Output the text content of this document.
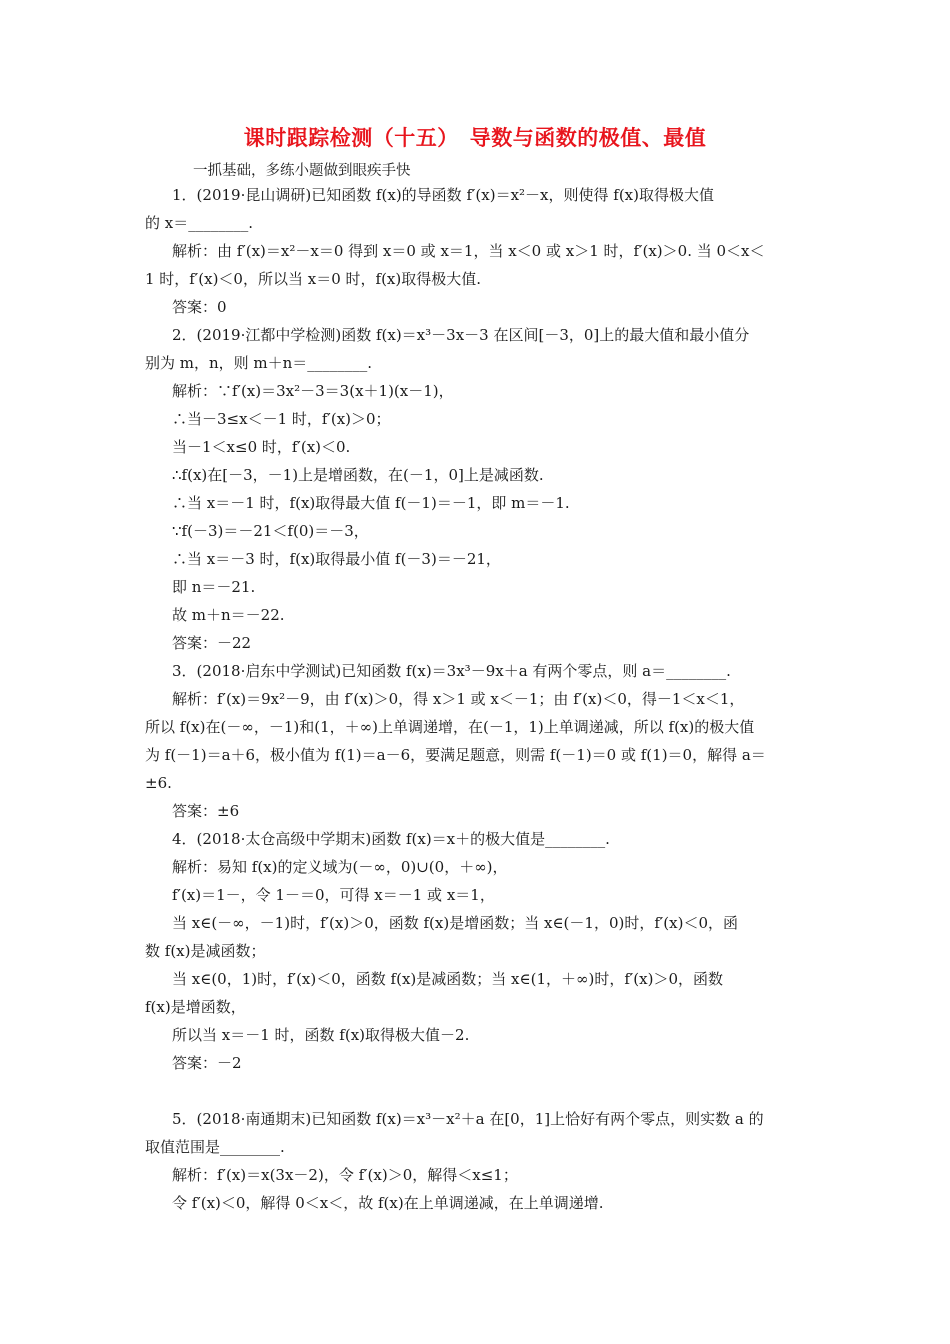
课时跟踪检测（十五）　导数与函数的极值、最值
一抓基础，多练小题做到眼疾手快
1．(2019·昆山调研)已知函数 f(x)的导函数 f′(x)＝x²－x，则使得 f(x)取得极大值
的 x＝________.
解析：由 f′(x)＝x²－x＝0 得到 x＝0 或 x＝1，当 x＜0 或 x＞1 时，f′(x)＞0. 当 0＜x＜
1 时，f′(x)＜0，所以当 x＝0 时，f(x)取得极大值.
答案：0
2．(2019·江都中学检测)函数 f(x)＝x³－3x－3 在区间[－3，0]上的最大值和最小值分
别为 m，n，则 m＋n＝________.
解析：∵f′(x)＝3x²－3＝3(x＋1)(x－1)，
∴当－3≤x＜－1 时，f′(x)＞0；
当－1＜x≤0 时，f′(x)＜0.
∴f(x)在[－3，－1)上是增函数，在(－1，0]上是减函数.
∴当 x＝－1 时，f(x)取得最大值 f(－1)＝－1，即 m＝－1.
∵f(－3)＝－21＜f(0)＝－3，
∴当 x＝－3 时，f(x)取得最小值 f(－3)＝－21，
即 n＝－21.
故 m＋n＝－22.
答案：－22
3．(2018·启东中学测试)已知函数 f(x)＝3x³－9x＋a 有两个零点，则 a＝________.
解析：f′(x)＝9x²－9，由 f′(x)＞0，得 x＞1 或 x＜－1；由 f′(x)＜0，得－1＜x＜1，
所以 f(x)在(－∞，－1)和(1，＋∞)上单调递增，在(－1，1)上单调递减，所以 f(x)的极大值
为 f(－1)＝a＋6，极小值为 f(1)＝a－6，要满足题意，则需 f(－1)＝0 或 f(1)＝0，解得 a＝
±6.
答案：±6
4．(2018·太仓高级中学期末)函数 f(x)＝x＋的极大值是________.
解析：易知 f(x)的定义域为(－∞，0)∪(0，＋∞)，
f′(x)＝1－，令 1－＝0，可得 x＝－1 或 x＝1，
当 x∈(－∞，－1)时，f′(x)＞0，函数 f(x)是增函数；当 x∈(－1，0)时，f′(x)＜0，函
数 f(x)是减函数；
当 x∈(0，1)时，f′(x)＜0，函数 f(x)是减函数；当 x∈(1，＋∞)时，f′(x)＞0，函数
f(x)是增函数，
所以当 x＝－1 时，函数 f(x)取得极大值－2.
答案：－2
5．(2018·南通期末)已知函数 f(x)＝x³－x²＋a 在[0，1]上恰好有两个零点，则实数 a 的
取值范围是________.
解析：f′(x)＝x(3x－2)，令 f′(x)＞0，解得＜x≤1；
令 f′(x)＜0，解得 0＜x＜，故 f(x)在上单调递减，在上单调递增.
